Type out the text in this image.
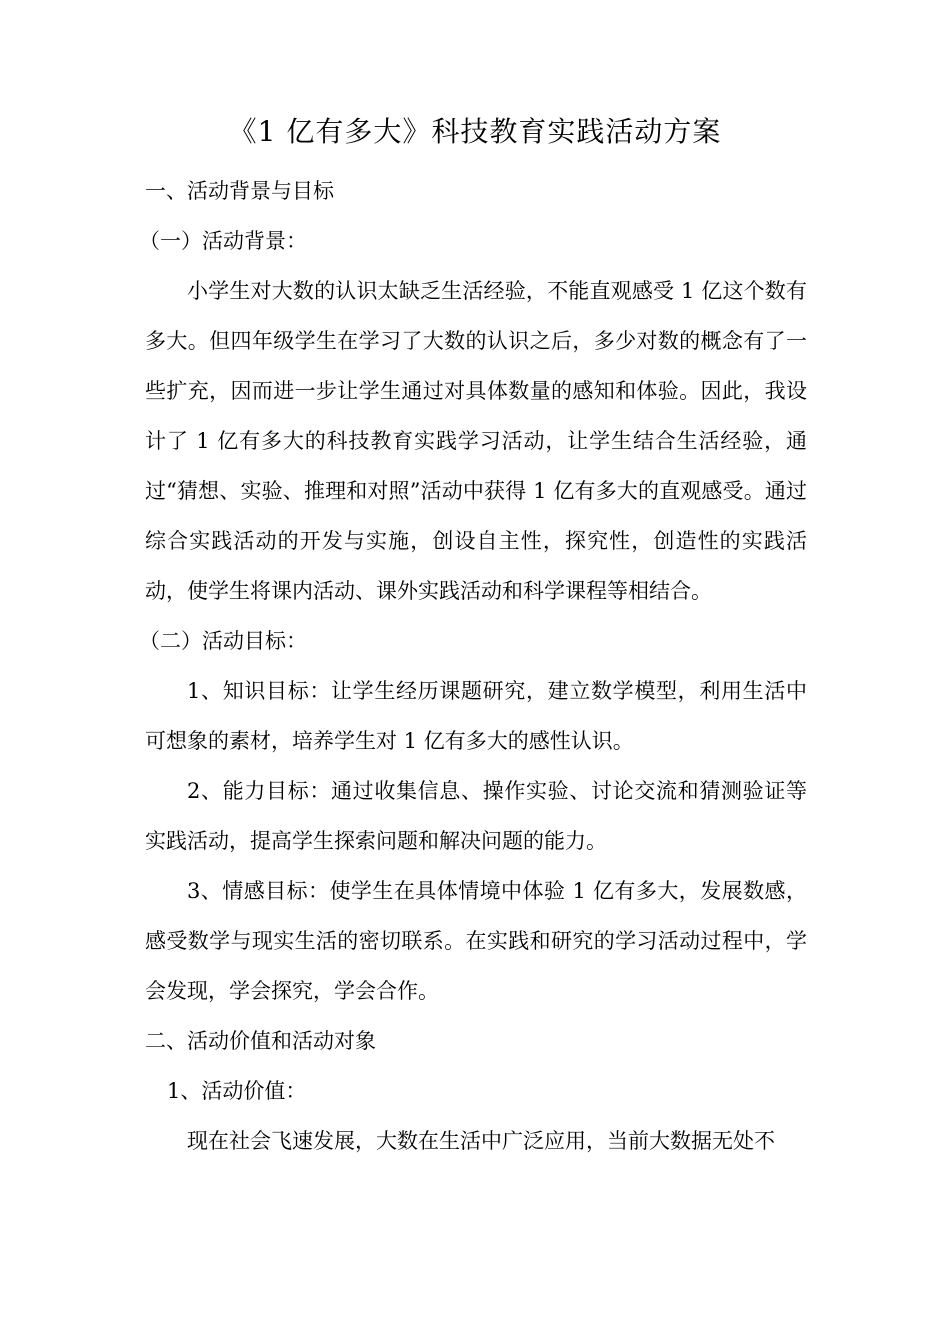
《1 亿有多大》科技教育实践活动方案
一、活动背景与目标
（一）活动背景：
小学生对大数的认识太缺乏生活经验，不能直观感受 1 亿这个数有多大。但四年级学生在学习了大数的认识之后，多少对数的概念有了一些扩充，因而进一步让学生通过对具体数量的感知和体验。因此，我设计了 1 亿有多大的科技教育实践学习活动，让学生结合生活经验，通过“猜想、实验、推理和对照”活动中获得 1 亿有多大的直观感受。通过综合实践活动的开发与实施，创设自主性，探究性，创造性的实践活动，使学生将课内活动、课外实践活动和科学课程等相结合。
（二）活动目标：
1、知识目标：让学生经历课题研究，建立数学模型，利用生活中可想象的素材，培养学生对 1 亿有多大的感性认识。
2、能力目标：通过收集信息、操作实验、讨论交流和猜测验证等实践活动，提高学生探索问题和解决问题的能力。
3、情感目标：使学生在具体情境中体验 1 亿有多大，发展数感，感受数学与现实生活的密切联系。在实践和研究的学习活动过程中，学会发现，学会探究，学会合作。
二、活动价值和活动对象
1、活动价值：
现在社会飞速发展，大数在生活中广泛应用，当前大数据无处不
